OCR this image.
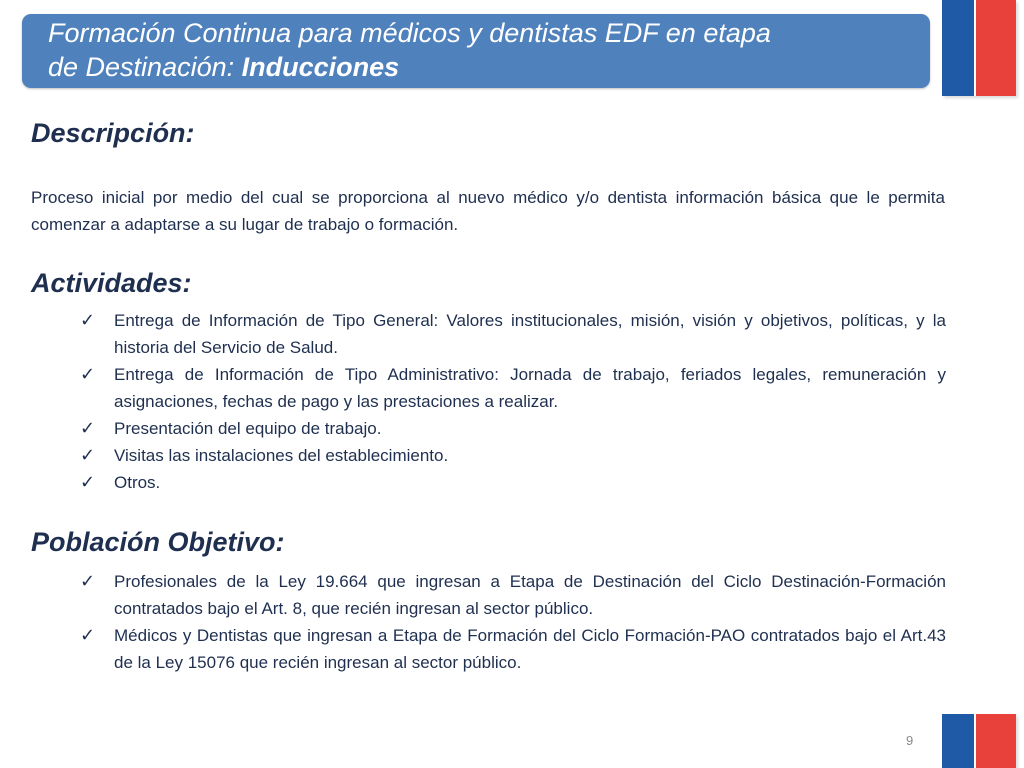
Formación Continua para médicos y dentistas EDF en etapa
de Destinación: Inducciones
Descripción:
Proceso inicial por medio del cual se proporciona al nuevo médico y/o dentista información básica que le permita comenzar a adaptarse a su lugar de trabajo o formación.
Actividades:
✓ Entrega de Información de Tipo General: Valores institucionales, misión, visión y objetivos, políticas, y la historia del Servicio de Salud.
✓ Entrega de Información de Tipo Administrativo: Jornada de trabajo, feriados legales, remuneración y asignaciones, fechas de pago y las prestaciones a realizar.
✓ Presentación del equipo de trabajo.
✓ Visitas las instalaciones del establecimiento.
✓ Otros.
Población Objetivo:
✓ Profesionales de la Ley 19.664 que ingresan a Etapa de Destinación del Ciclo Destinación-Formación contratados bajo el Art. 8, que recién ingresan al sector público.
✓ Médicos y Dentistas que ingresan a Etapa de Formación del Ciclo Formación-PAO contratados bajo el Art.43 de la Ley 15076 que recién ingresan al sector público.
9
